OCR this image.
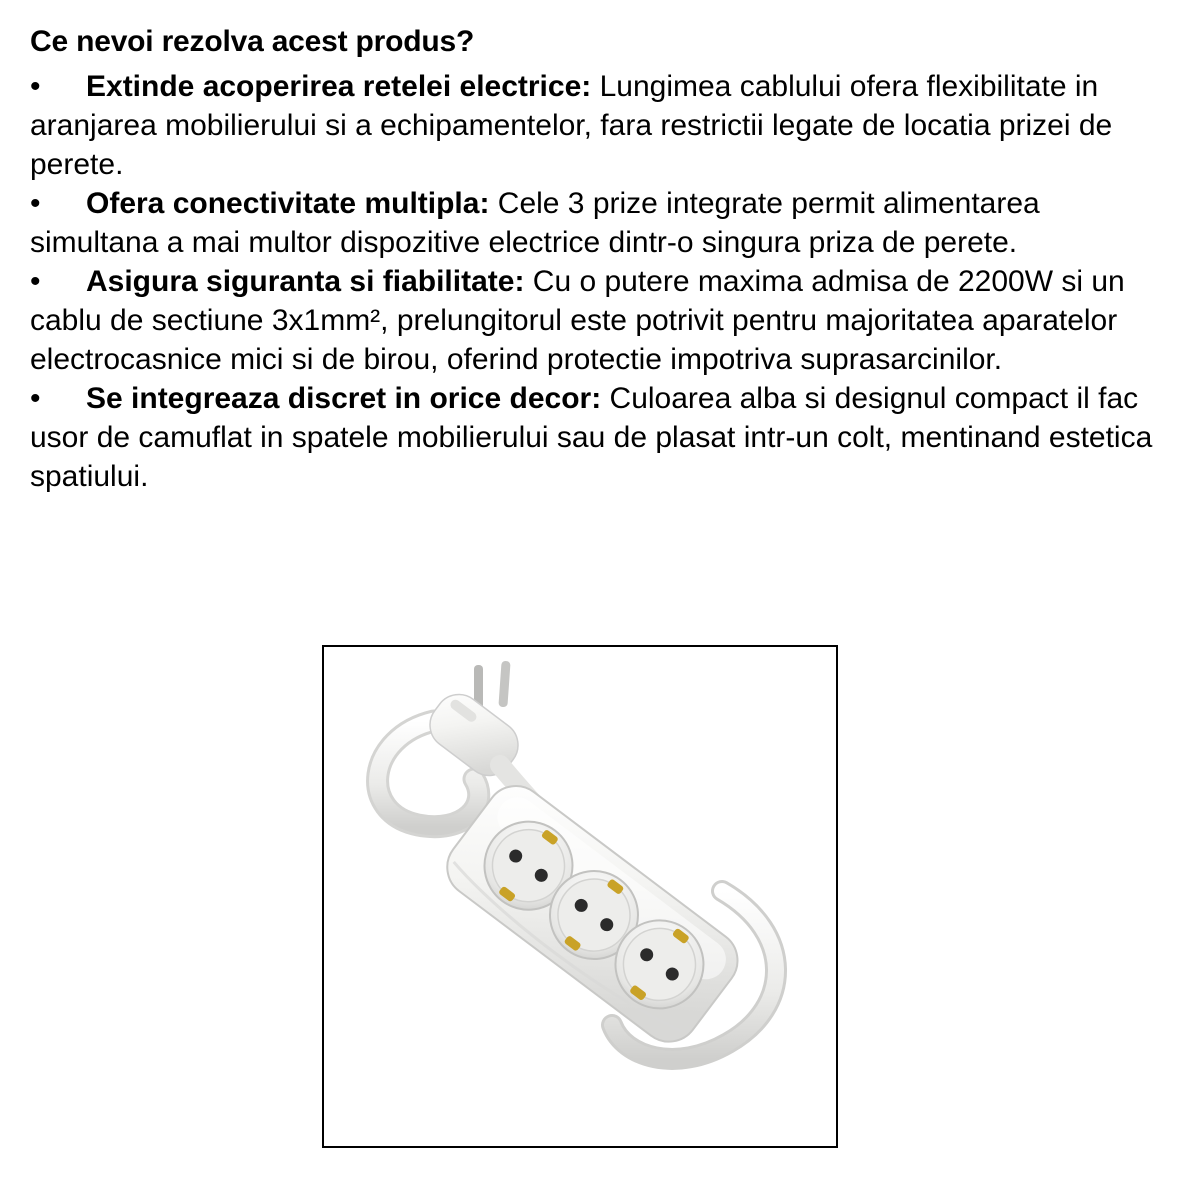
Ce nevoi rezolva acest produs?
• Extinde acoperirea retelei electrice: Lungimea cablului ofera flexibilitate in aranjarea mobilierului si a echipamentelor, fara restrictii legate de locatia prizei de perete.
• Ofera conectivitate multipla: Cele 3 prize integrate permit alimentarea simultana a mai multor dispozitive electrice dintr-o singura priza de perete.
• Asigura siguranta si fiabilitate: Cu o putere maxima admisa de 2200W si un cablu de sectiune 3x1mm², prelungitorul este potrivit pentru majoritatea aparatelor electrocasnice mici si de birou, oferind protectie impotriva suprasarcinilor.
• Se integreaza discret in orice decor: Culoarea alba si designul compact il fac usor de camuflat in spatele mobilierului sau de plasat intr-un colt, mentinand estetica spatiului.
